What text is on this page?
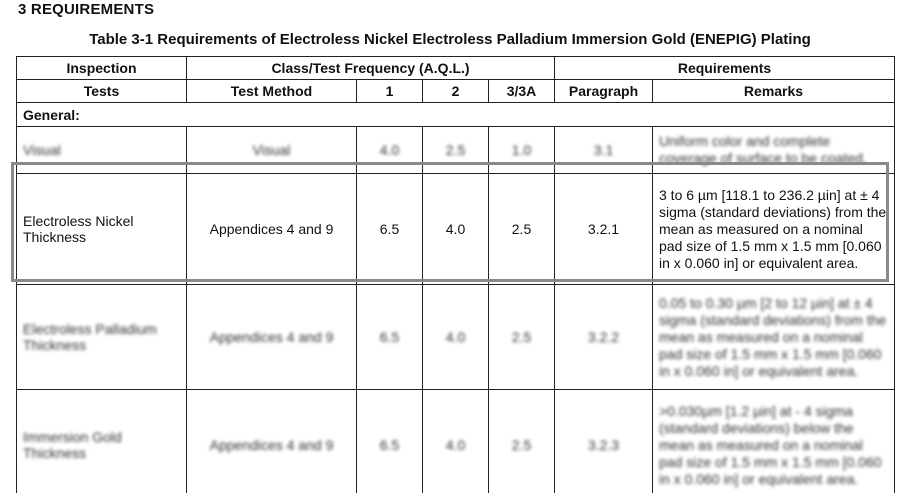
3 REQUIREMENTS
Table 3-1 Requirements of Electroless Nickel Electroless Palladium Immersion Gold (ENEPIG) Plating
Inspection	Class/Test Frequency (A.Q.L.)				Requirements	
Tests	Test Method	1	2	3/3A	Paragraph	Remarks
General:						
Visual	Visual	4.0	2.5	1.0	3.1	Uniform color and complete coverage of surface to be coated.
Electroless Nickel Thickness	Appendices 4 and 9	6.5	4.0	2.5	3.2.1	3 to 6 µm [118.1 to 236.2 µin] at ± 4 sigma (standard deviations) from the mean as measured on a nominal pad size of 1.5 mm x 1.5 mm [0.060 in x 0.060 in] or equivalent area.
Electroless Palladium Thickness	Appendices 4 and 9	6.5	4.0	2.5	3.2.2	0.05 to 0.30 µm [2 to 12 µin] at ± 4 sigma (standard deviations) from the mean as measured on a nominal pad size of 1.5 mm x 1.5 mm [0.060 in x 0.060 in] or equivalent area.
Immersion Gold Thickness	Appendices 4 and 9	6.5	4.0	2.5	3.2.3	>0.030µm [1.2 µin] at - 4 sigma (standard deviations) below the mean as measured on a nominal pad size of 1.5 mm x 1.5 mm [0.060 in x 0.060 in] or equivalent area.
